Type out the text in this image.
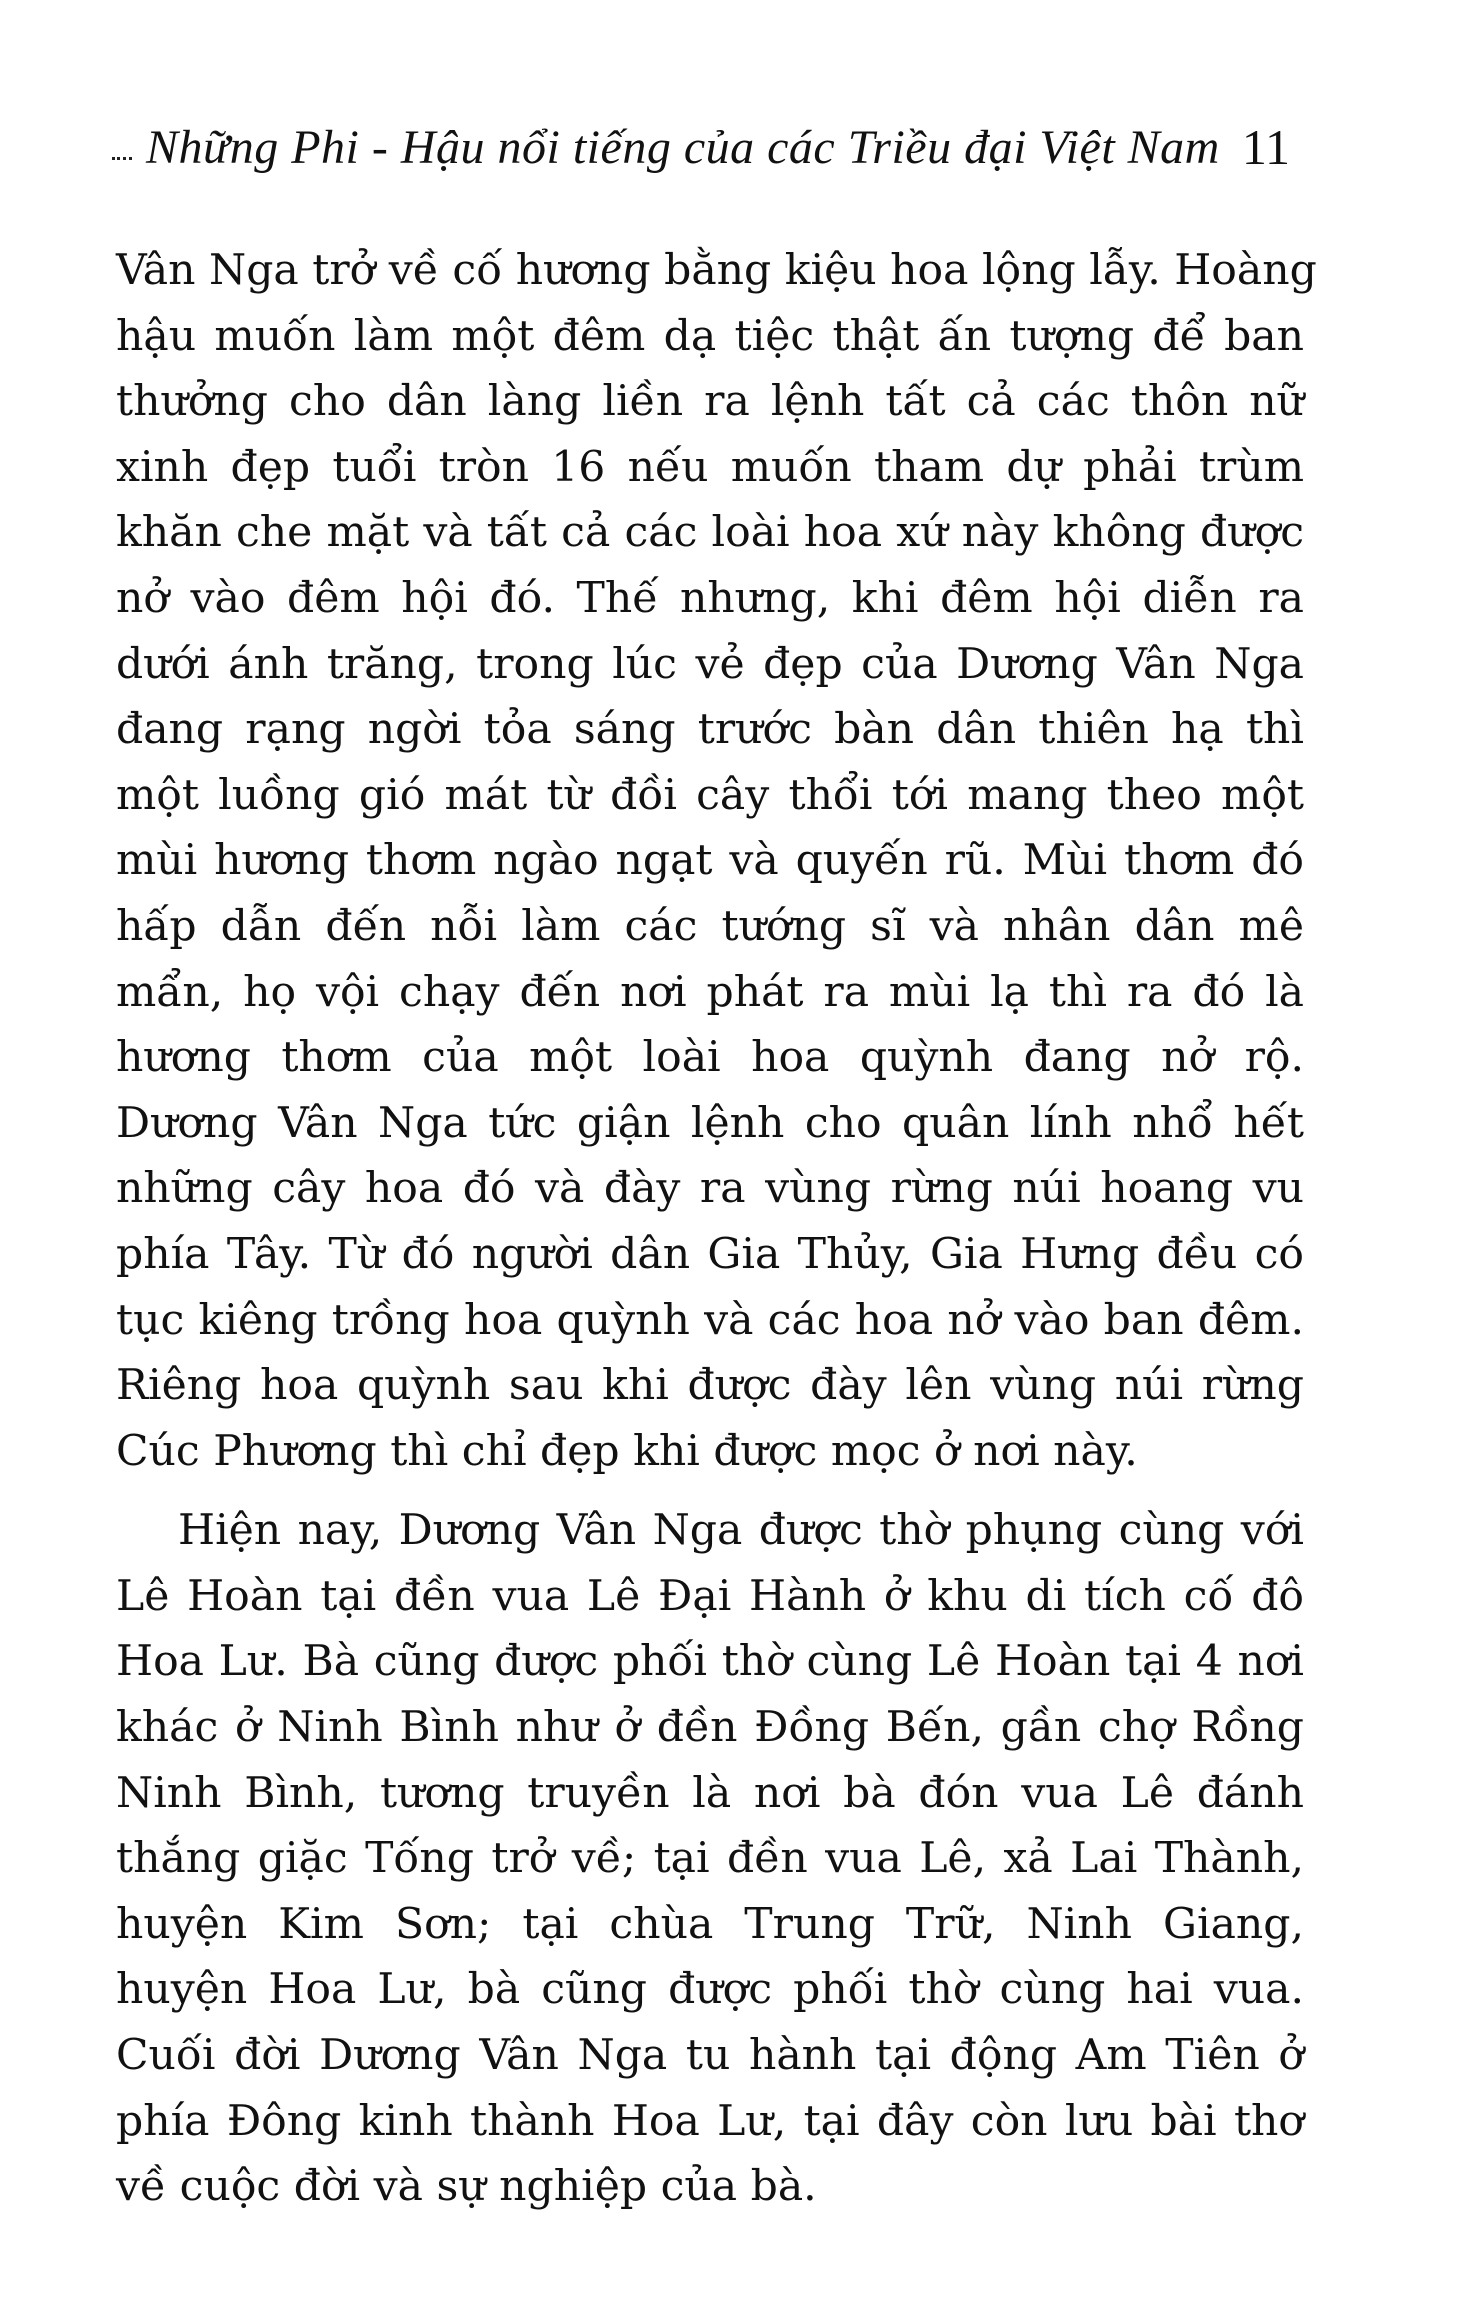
Những Phi - Hậu nổi tiếng của các Triều đại Việt Nam 11

Vân Nga trở về cố hương bằng kiệu hoa lộng lẫy. Hoàng
hậu muốn làm một đêm dạ tiệc thật ấn tượng để ban
thưởng cho dân làng liền ra lệnh tất cả các thôn nữ
xinh đẹp tuổi tròn 16 nếu muốn tham dự phải trùm
khăn che mặt và tất cả các loài hoa xứ này không được
nở vào đêm hội đó. Thế nhưng, khi đêm hội diễn ra
dưới ánh trăng, trong lúc vẻ đẹp của Dương Vân Nga
đang rạng ngời tỏa sáng trước bàn dân thiên hạ thì
một luồng gió mát từ đồi cây thổi tới mang theo một
mùi hương thơm ngào ngạt và quyến rũ. Mùi thơm đó
hấp dẫn đến nỗi làm các tướng sĩ và nhân dân mê
mẩn, họ vội chạy đến nơi phát ra mùi lạ thì ra đó là
hương thơm của một loài hoa quỳnh đang nở rộ.
Dương Vân Nga tức giận lệnh cho quân lính nhổ hết
những cây hoa đó và đày ra vùng rừng núi hoang vu
phía Tây. Từ đó người dân Gia Thủy, Gia Hưng đều có
tục kiêng trồng hoa quỳnh và các hoa nở vào ban đêm.
Riêng hoa quỳnh sau khi được đày lên vùng núi rừng
Cúc Phương thì chỉ đẹp khi được mọc ở nơi này.

Hiện nay, Dương Vân Nga được thờ phụng cùng với
Lê Hoàn tại đền vua Lê Đại Hành ở khu di tích cố đô
Hoa Lư. Bà cũng được phối thờ cùng Lê Hoàn tại 4 nơi
khác ở Ninh Bình như ở đền Đồng Bến, gần chợ Rồng
Ninh Bình, tương truyền là nơi bà đón vua Lê đánh
thắng giặc Tống trở về; tại đền vua Lê, xả Lai Thành,
huyện Kim Sơn; tại chùa Trung Trữ, Ninh Giang,
huyện Hoa Lư, bà cũng được phối thờ cùng hai vua.
Cuối đời Dương Vân Nga tu hành tại động Am Tiên ở
phía Đông kinh thành Hoa Lư, tại đây còn lưu bài thơ
về cuộc đời và sự nghiệp của bà.
